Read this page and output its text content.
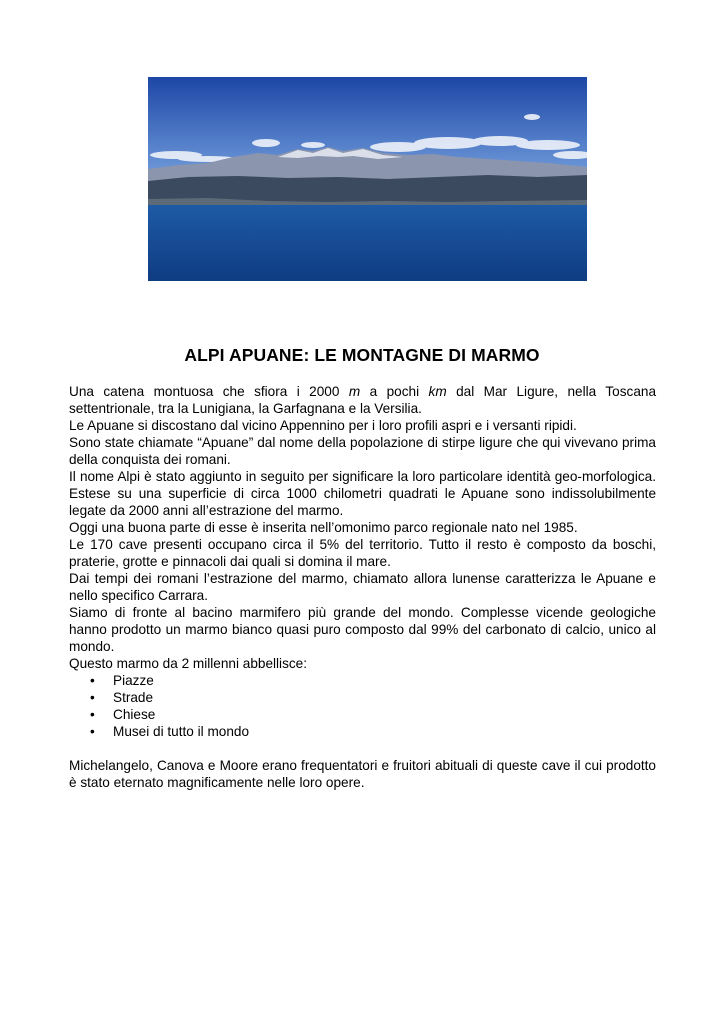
ALPI APUANE: LE MONTAGNE DI MARMO

Una catena montuosa che sfiora i 2000 m a pochi km dal Mar Ligure, nella Toscana settentrionale, tra la Lunigiana, la Garfagnana e la Versilia.

Le Apuane si discostano dal vicino Appennino per i loro profili aspri e i versanti ripidi.

Sono state chiamate “Apuane” dal nome della popolazione di stirpe ligure che qui vivevano prima della conquista dei romani.

Il nome Alpi è stato aggiunto in seguito per significare la loro particolare identità geo-morfologica. Estese su una superficie di circa 1000 chilometri quadrati le Apuane sono indissolubilmente legate da 2000 anni all’estrazione del marmo.

Oggi una buona parte di esse è inserita nell’omonimo parco regionale nato nel 1985.

Le 170 cave presenti occupano circa il 5% del territorio. Tutto il resto è composto da boschi, praterie, grotte e pinnacoli dai quali si domina il mare.

Dai tempi dei romani l’estrazione del marmo, chiamato allora lunense caratterizza le Apuane e nello specifico Carrara.

Siamo di fronte al bacino marmifero più grande del mondo. Complesse vicende geologiche hanno prodotto un marmo bianco quasi puro composto dal 99% del carbonato di calcio, unico al mondo.

Questo marmo da 2 millenni abbellisce:

• Piazze
• Strade
• Chiese
• Musei di tutto il mondo

Michelangelo, Canova e Moore erano frequentatori e fruitori abituali di queste cave il cui prodotto è stato eternato magnificamente nelle loro opere.
